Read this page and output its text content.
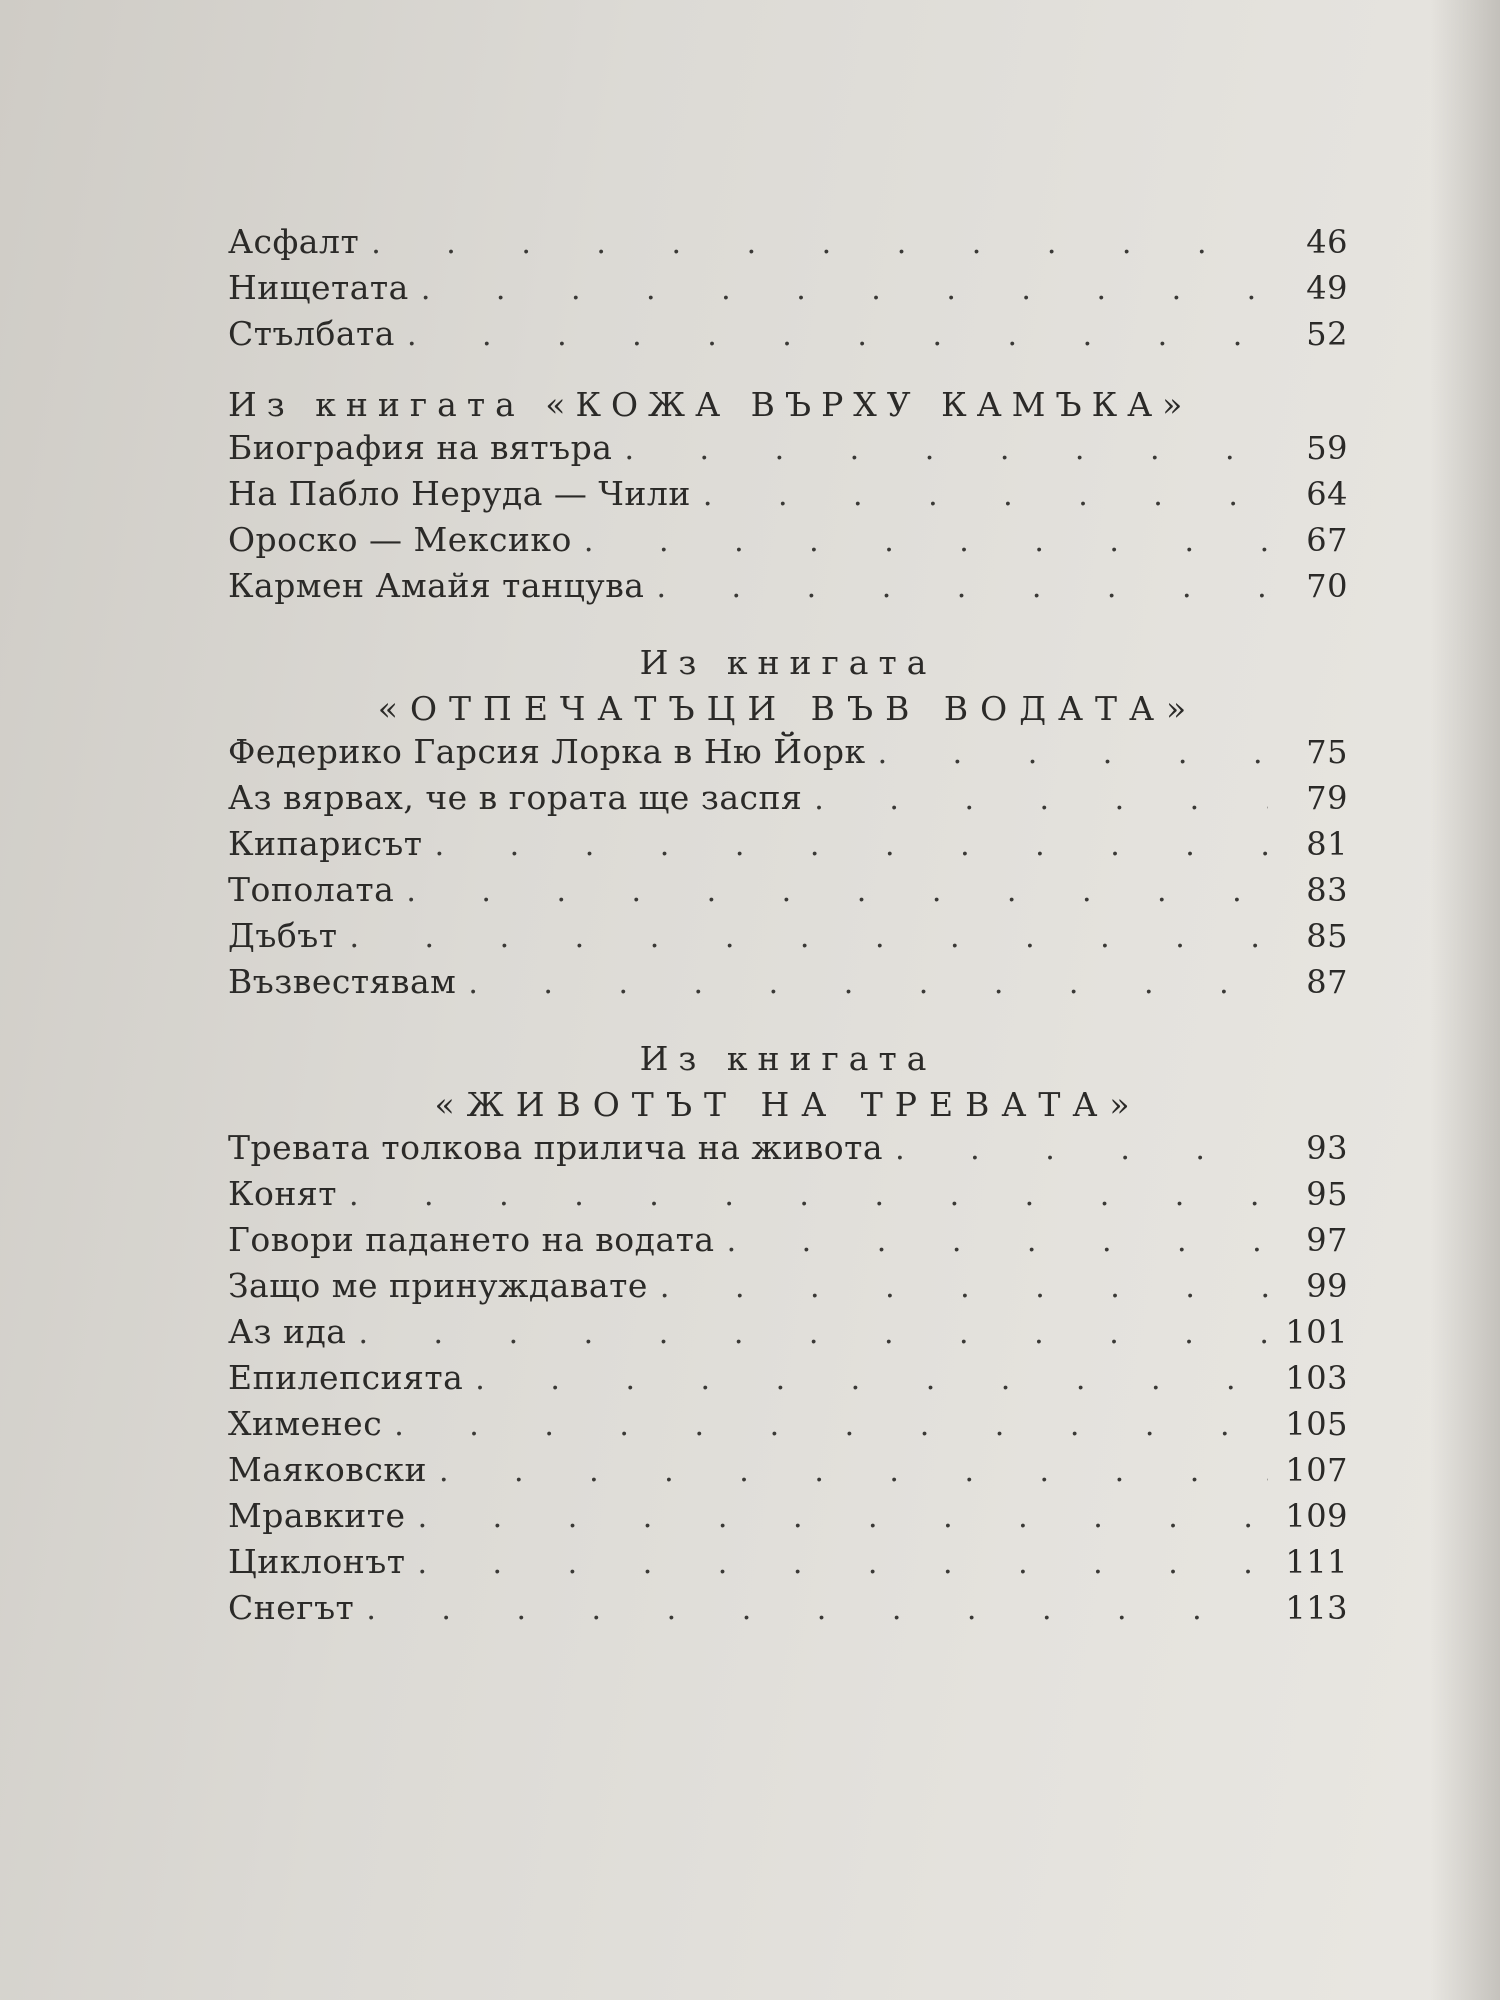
Асфалт . . .	46
Нищетата . . .	49
Стълбата . . .	52
Из книгата «КОЖА ВЪРХУ КАМЪКА»
Биография на вятъра . . .	59
На Пабло Неруда — Чили . . .	64
Ороско — Мексико . . .	67
Кармен Амайя танцува . . .	70
Из книгата
«ОТПЕЧАТЪЦИ ВЪВ ВОДАТА»
Федерико Гарсия Лорка в Ню Йорк . . .	75
Аз вярвах, че в гората ще заспя . . .	79
Кипарисът . . .	81
Тополата . . .	83
Дъбът . . .	85
Възвестявам . . .	87
Из книгата
«ЖИВОТЪТ НА ТРЕВАТА»
Тревата толкова прилича на живота . . .	93
Конят . . .	95
Говори падането на водата . . .	97
Защо ме принуждавате . . .	99
Аз ида . . .	101
Епилепсията . . .	103
Хименес . . .	105
Маяковски . . .	107
Мравките . . .	109
Циклонът . . .	111
Снегът . . .	113
